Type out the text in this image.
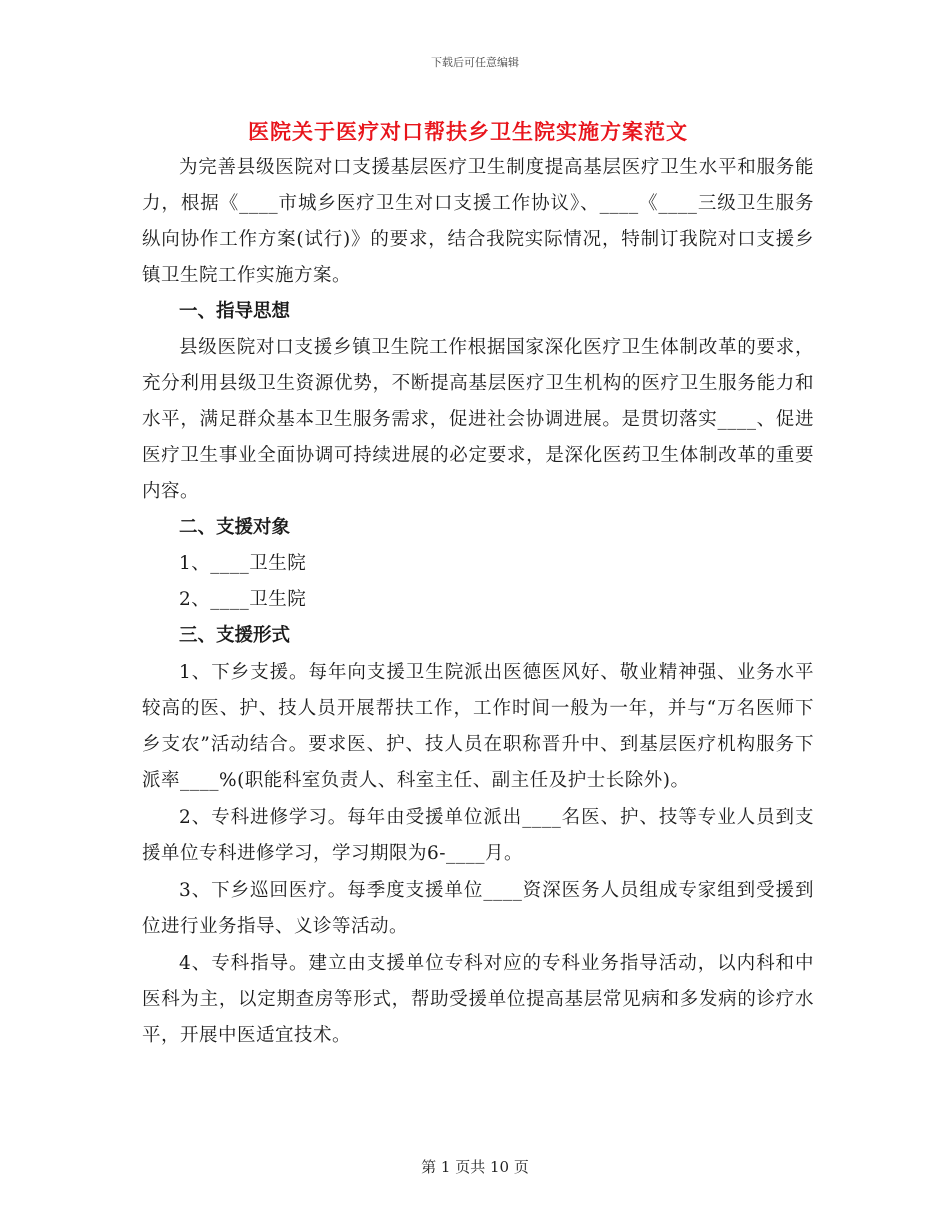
下载后可任意编辑
医院关于医疗对口帮扶乡卫生院实施方案范文

为完善县级医院对口支援基层医疗卫生制度提高基层医疗卫生水平和服务能力，根据《____市城乡医疗卫生对口支援工作协议》、____《____三级卫生服务纵向协作工作方案(试行)》的要求，结合我院实际情况，特制订我院对口支援乡镇卫生院工作实施方案。

一、指导思想

县级医院对口支援乡镇卫生院工作根据国家深化医疗卫生体制改革的要求，充分利用县级卫生资源优势，不断提高基层医疗卫生机构的医疗卫生服务能力和水平，满足群众基本卫生服务需求，促进社会协调进展。是贯切落实____、促进医疗卫生事业全面协调可持续进展的必定要求，是深化医药卫生体制改革的重要内容。

二、支援对象

1、____卫生院

2、____卫生院

三、支援形式

1、下乡支援。每年向支援卫生院派出医德医风好、敬业精神强、业务水平较高的医、护、技人员开展帮扶工作，工作时间一般为一年，并与“万名医师下乡支农”活动结合。要求医、护、技人员在职称晋升中、到基层医疗机构服务下派率____%(职能科室负责人、科室主任、副主任及护士长除外)。

2、专科进修学习。每年由受援单位派出____名医、护、技等专业人员到支援单位专科进修学习，学习期限为6-____月。

3、下乡巡回医疗。每季度支援单位____资深医务人员组成专家组到受援到位进行业务指导、义诊等活动。

4、专科指导。建立由支援单位专科对应的专科业务指导活动，以内科和中医科为主，以定期查房等形式，帮助受援单位提高基层常见病和多发病的诊疗水平，开展中医适宜技术。

第 1 页共 10 页
